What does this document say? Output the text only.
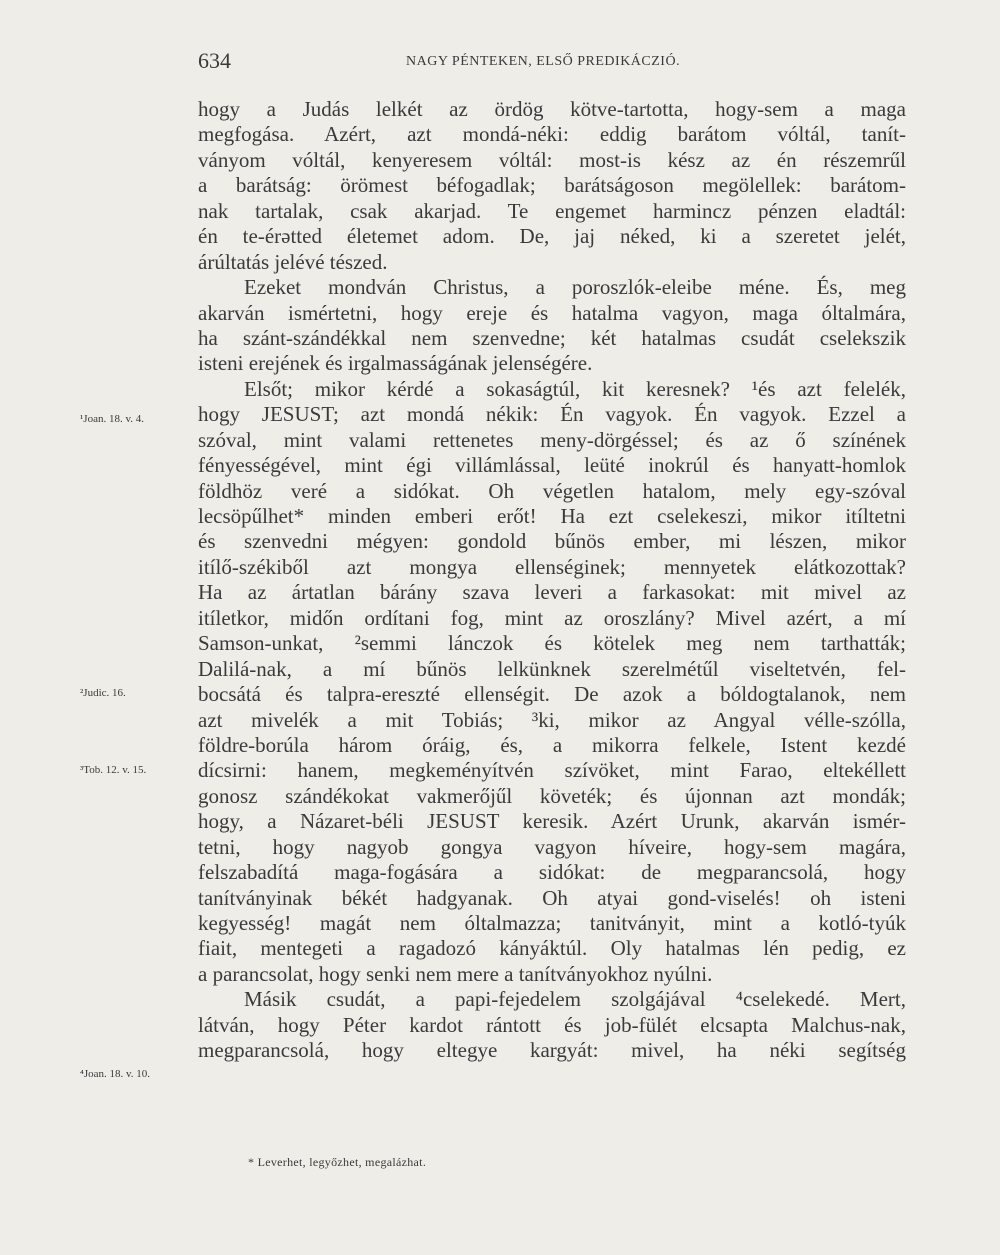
634	NAGY PÉNTEKEN, ELSŐ PREDIKÁCZIÓ.
hogy a Judás lelkét az ördög kötve-tartotta, hogy-sem a maga
megfogása. Azért, azt mondá-néki: eddig barátom vóltál, tanít-
ványom vóltál, kenyeresem vóltál: most-is kész az én részemrűl
a barátság: örömest béfogadlak; barátságoson megölellek: barátom-
nak tartalak, csak akarjad. Te engemet harmincz pénzen eladtál:
én te-érətted életemet adom. De, jaj néked, ki a szeretet jelét,
árúltatás jelévé tészed.
Ezeket mondván Christus, a poroszlók-eleibe méne. És, meg
akarván ismértetni, hogy ereje és hatalma vagyon, maga óltalmára,
ha szánt-szándékkal nem szenvedne; két hatalmas csudát cselekszik
isteni erejének és irgalmasságának jelenségére.
Elsőt; mikor kérdé a sokaságtúl, kit keresnek? ¹és azt felelék,
hogy JESUST; azt mondá nékik: Én vagyok. Én vagyok. Ezzel a
szóval, mint valami rettenetes meny-dörgéssel; és az ő színének
fényességével, mint égi villámlással, leüté inokrúl és hanyatt-homlok
földhöz veré a sidókat. Oh végetlen hatalom, mely egy-szóval
lecsöpűlhet* minden emberi erőt! Ha ezt cselekeszi, mikor itíltetni
és szenvedni mégyen: gondold bűnös ember, mi lészen, mikor
itílő-székiből azt mongya ellenséginek; mennyetek elátkozottak?
Ha az ártatlan bárány szava leveri a farkasokat: mit mivel az
itíletkor, midőn ordítani fog, mint az oroszlány? Mivel azért, a mí
Samson-unkat, ²semmi lánczok és kötelek meg nem tarthatták;
Dalilá-nak, a mí bűnös lelkünknek szerelmétűl viseltetvén, fel-
bocsátá és talpra-ereszté ellenségit. De azok a bóldogtalanok, nem
azt mivelék a mit Tobiás; ³ki, mikor az Angyal vélle-szólla,
földre-borúla három óráig, és, a mikorra felkele, Istent kezdé
dícsirni: hanem, megkeményítvén szívöket, mint Farao, eltekéllett
gonosz szándékokat vakmerőjűl követék; és újonnan azt mondák;
hogy, a Názaret-béli JESUST keresik. Azért Urunk, akarván ismér-
tetni, hogy nagyob gongya vagyon híveire, hogy-sem magára,
felszabadítá maga-fogására a sidókat: de megparancsolá, hogy
tanítványinak békét hadgyanak. Oh atyai gond-viselés! oh isteni
kegyesség! magát nem óltalmazza; tanitványit, mint a kotló-tyúk
fiait, mentegeti a ragadozó kányáktúl. Oly hatalmas lén pedig, ez
a parancsolat, hogy senki nem mere a tanítványokhoz nyúlni.
Másik csudát, a papi-fejedelem szolgájával ⁴cselekedé. Mert,
látván, hogy Péter kardot rántott és job-fülét elcsapta Malchus-nak,
megparancsolá, hogy eltegye kargyát: mivel, ha néki segítség
¹Joan. 18. v. 4.
²Judic. 16.
³Tob. 12. v. 15.
⁴Joan. 18. v. 10.
* Leverhet, legyőzhet, megalázhat.
